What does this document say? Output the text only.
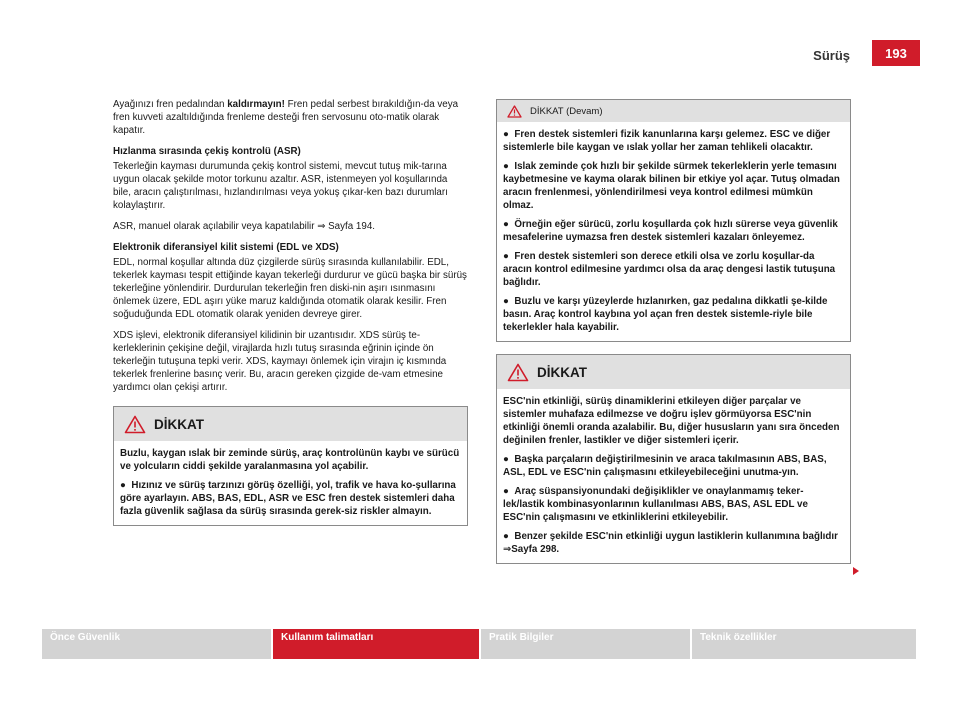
Sürüş	193

Ayağınızı fren pedalından kaldırmayın! Fren pedal serbest bırakıldığın-da veya fren kuvveti azaltıldığında frenleme desteği fren servosunu oto-matik olarak kapatır.

Hızlanma sırasında çekiş kontrolü (ASR)

Tekerleğin kayması durumunda çekiş kontrol sistemi, mevcut tutuş mik-tarına uygun olacak şekilde motor torkunu azaltır. ASR, istenmeyen yol koşullarında bile, aracın çalıştırılması, hızlandırılması veya yokuş çıkar-ken bazı durumları kolaylaştırır.

ASR, manuel olarak açılabilir veya kapatılabilir ⇒ Sayfa 194.

Elektronik diferansiyel kilit sistemi (EDL ve XDS)

EDL, normal koşullar altında düz çizgilerde sürüş sırasında kullanılabilir. EDL, tekerlek kayması tespit ettiğinde kayan tekerleği durdurur ve gücü başka bir sürüş tekerleğine yönlendirir. Durdurulan tekerleğin fren diski-nin aşırı ısınmasını önlemek üzere, EDL aşırı yüke maruz kaldığında otomatik olarak kesilir. Fren soğuduğunda EDL otomatik olarak yeniden devreye girer.

XDS işlevi, elektronik diferansiyel kilidinin bir uzantısıdır. XDS sürüş te-kerleklerinin çekişine değil, virajlarda hızlı tutuş sırasında eğrinin içinde ön tekerleğin tutuşuna tepki verir. XDS, kaymayı önlemek için virajın iç kısmında tekerlek frenlerine basınç verir. Bu, aracın gereken çizgide de-vam etmesine yardımcı olan çekişi artırır.

DİKKAT

Buzlu, kaygan ıslak bir zeminde sürüş, araç kontrolünün kaybı ve sürücü ve yolcuların ciddi şekilde yaralanmasına yol açabilir.

● Hızınız ve sürüş tarzınızı görüş özelliği, yol, trafik ve hava ko-şullarına göre ayarlayın. ABS, BAS, EDL, ASR ve ESC fren destek sistemleri daha fazla güvenlik sağlasa da sürüş sırasında gerek-siz riskler almayın.

DİKKAT (Devam)

● Fren destek sistemleri fizik kanunlarına karşı gelemez. ESC ve diğer sistemlerle bile kaygan ve ıslak yollar her zaman tehlikeli olacaktır.

● Islak zeminde çok hızlı bir şekilde sürmek tekerleklerin yerle temasını kaybetmesine ve kayma olarak bilinen bir etkiye yol açar. Tutuş olmadan aracın frenlenmesi, yönlendirilmesi veya kontrol edilmesi mümkün olmaz.

● Örneğin eğer sürücü, zorlu koşullarda çok hızlı sürerse veya güvenlik mesafelerine uymazsa fren destek sistemleri kazaları önleyemez.

● Fren destek sistemleri son derece etkili olsa ve zorlu koşullar-da aracın kontrol edilmesine yardımcı olsa da araç dengesi lastik tutuşuna bağlıdır.

● Buzlu ve karşı yüzeylerde hızlanırken, gaz pedalına dikkatli şe-kilde basın. Araç kontrol kaybına yol açan fren destek sistemle-riyle bile tekerlekler hala kayabilir.

DİKKAT

ESC'nin etkinliği, sürüş dinamiklerini etkileyen diğer parçalar ve sistemler muhafaza edilmezse ve doğru işlev görmüyorsa ESC'nin etkinliği önemli oranda azalabilir. Bu, diğer hususların yanı sıra önceden değinilen frenler, lastikler ve diğer sistemleri içerir.

● Başka parçaların değiştirilmesinin ve araca takılmasının ABS, BAS, ASL, EDL ve ESC'nin çalışmasını etkileyebileceğini unutma-yın.

● Araç süspansiyonundaki değişiklikler ve onaylanmamış teker-lek/lastik kombinasyonlarının kullanılması ABS, BAS, ASL EDL ve ESC'nin çalışmasını ve etkinliklerini etkileyebilir.

● Benzer şekilde ESC'nin etkinliği uygun lastiklerin kullanımına bağlıdır ⇒Sayfa 298.

Önce Güvenlik	Kullanım talimatları	Pratik Bilgiler	Teknik özellikler
